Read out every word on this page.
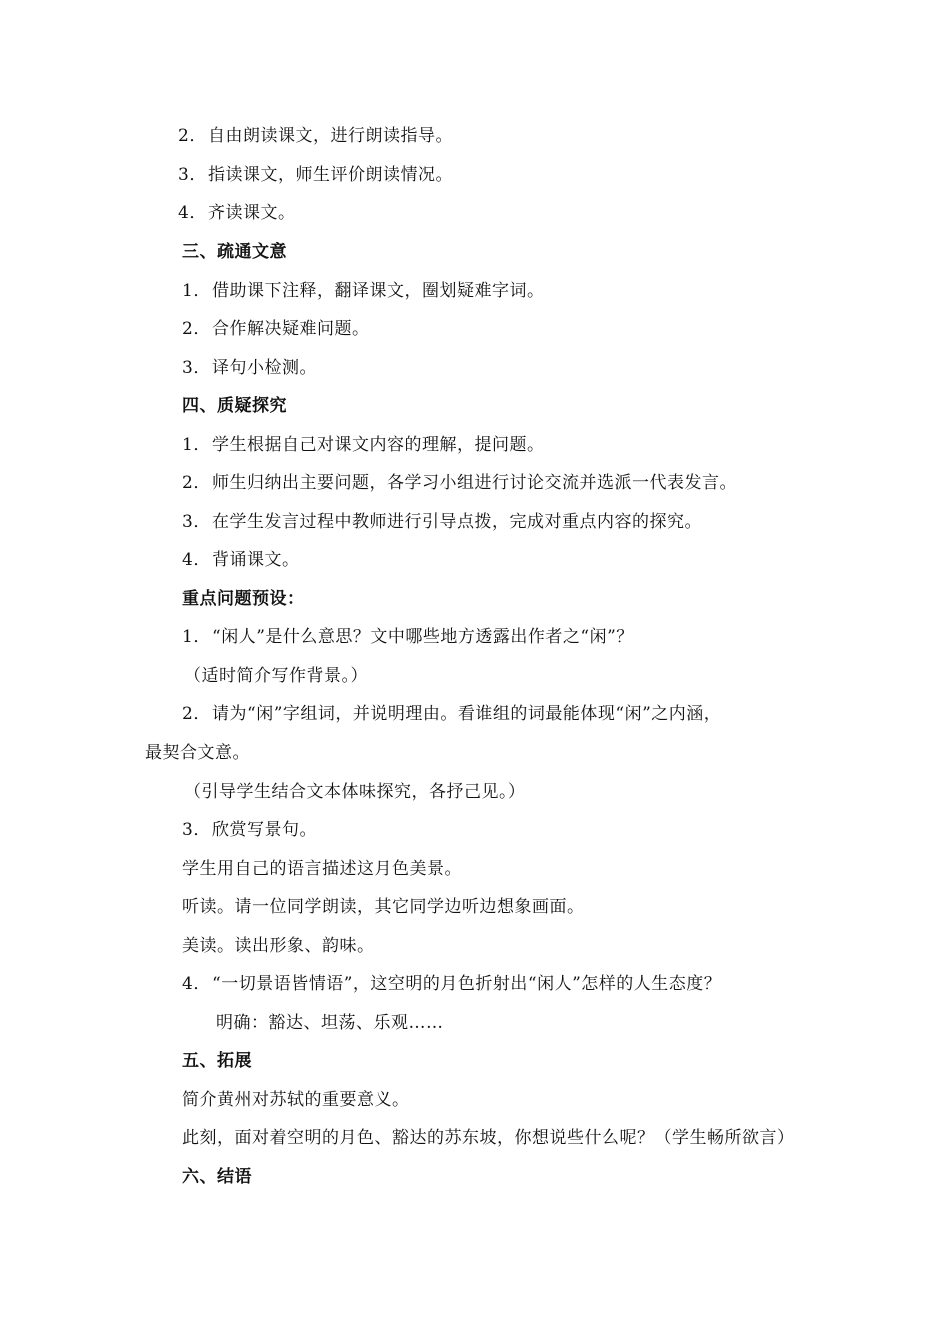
2．自由朗读课文，进行朗读指导。
3．指读课文，师生评价朗读情况。
4．齐读课文。
三、疏通文意
1．借助课下注释，翻译课文，圈划疑难字词。
2．合作解决疑难问题。
3．译句小检测。
四、质疑探究
1．学生根据自己对课文内容的理解，提问题。
2．师生归纳出主要问题，各学习小组进行讨论交流并选派一代表发言。
3．在学生发言过程中教师进行引导点拨，完成对重点内容的探究。
4．背诵课文。
重点问题预设：
1．“闲人”是什么意思？文中哪些地方透露出作者之“闲”？
（适时简介写作背景。）
2．请为“闲”字组词，并说明理由。看谁组的词最能体现“闲”之内涵，
最契合文意。
（引导学生结合文本体味探究，各抒己见。）
3．欣赏写景句。
学生用自己的语言描述这月色美景。
听读。请一位同学朗读，其它同学边听边想象画面。
美读。读出形象、韵味。
4．“一切景语皆情语”，这空明的月色折射出“闲人”怎样的人生态度？
明确：豁达、坦荡、乐观……
五、拓展
简介黄州对苏轼的重要意义。
此刻，面对着空明的月色、豁达的苏东坡，你想说些什么呢？（学生畅所欲言）
六、结语
